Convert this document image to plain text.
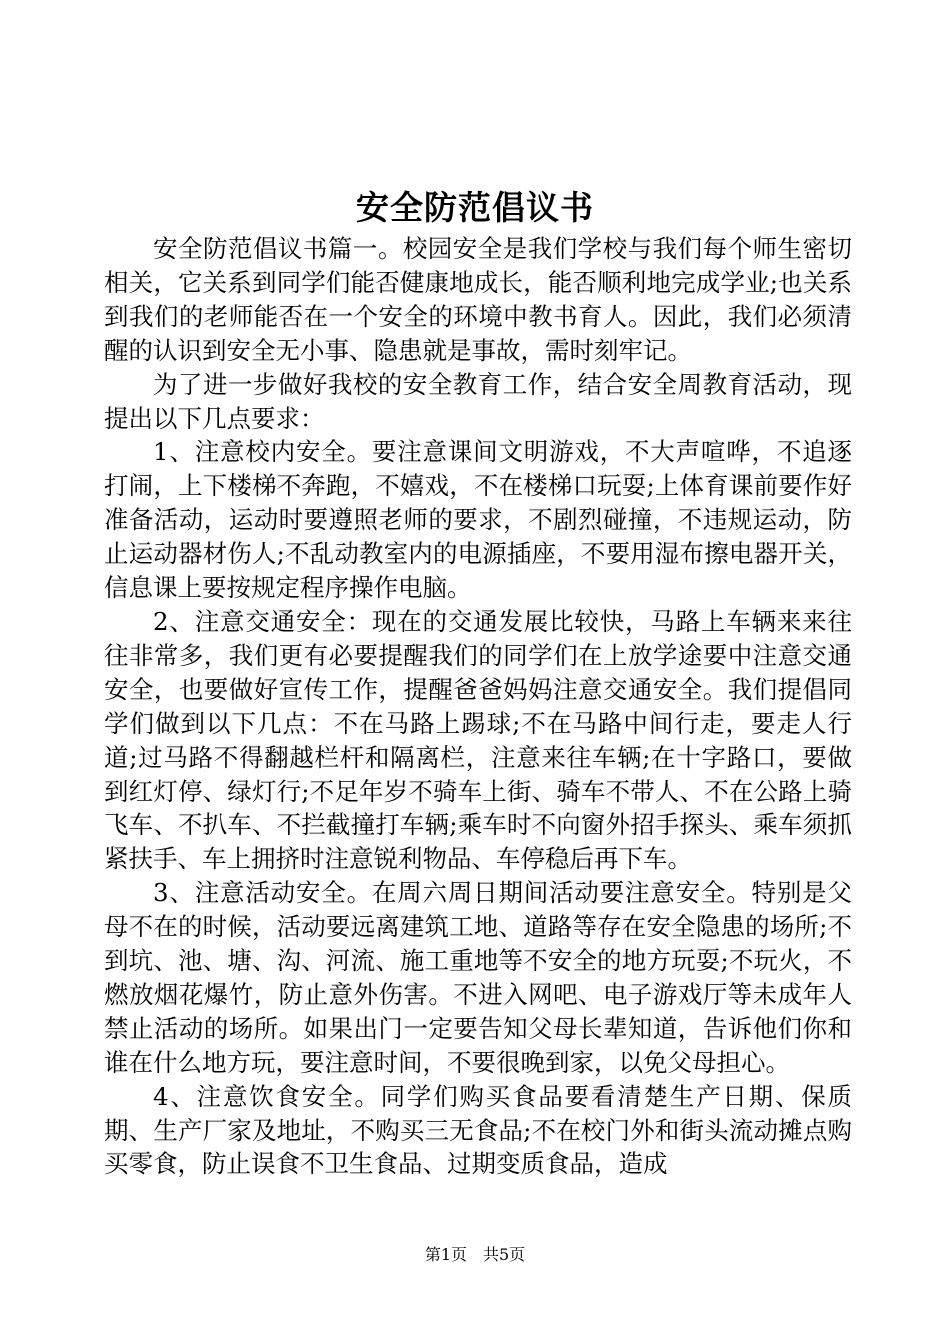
安全防范倡议书

安全防范倡议书篇一。校园安全是我们学校与我们每个师生密切相关，它关系到同学们能否健康地成长，能否顺利地完成学业;也关系到我们的老师能否在一个安全的环境中教书育人。因此，我们必须清醒的认识到安全无小事、隐患就是事故，需时刻牢记。

为了进一步做好我校的安全教育工作，结合安全周教育活动，现提出以下几点要求：

1、注意校内安全。要注意课间文明游戏，不大声喧哗，不追逐打闹，上下楼梯不奔跑，不嬉戏，不在楼梯口玩耍;上体育课前要作好准备活动，运动时要遵照老师的要求，不剧烈碰撞，不违规运动，防止运动器材伤人;不乱动教室内的电源插座，不要用湿布擦电器开关，信息课上要按规定程序操作电脑。

2、注意交通安全：现在的交通发展比较快，马路上车辆来来往往非常多，我们更有必要提醒我们的同学们在上放学途要中注意交通安全，也要做好宣传工作，提醒爸爸妈妈注意交通安全。我们提倡同学们做到以下几点：不在马路上踢球;不在马路中间行走，要走人行道;过马路不得翻越栏杆和隔离栏，注意来往车辆;在十字路口，要做到红灯停、绿灯行;不足年岁不骑车上街、骑车不带人、不在公路上骑飞车、不扒车、不拦截撞打车辆;乘车时不向窗外招手探头、乘车须抓紧扶手、车上拥挤时注意锐利物品、车停稳后再下车。

3、注意活动安全。在周六周日期间活动要注意安全。特别是父母不在的时候，活动要远离建筑工地、道路等存在安全隐患的场所;不到坑、池、塘、沟、河流、施工重地等不安全的地方玩耍;不玩火，不燃放烟花爆竹，防止意外伤害。不进入网吧、电子游戏厅等未成年人禁止活动的场所。如果出门一定要告知父母长辈知道，告诉他们你和谁在什么地方玩，要注意时间，不要很晚到家，以免父母担心。

4、注意饮食安全。同学们购买食品要看清楚生产日期、保质期、生产厂家及地址，不购买三无食品;不在校门外和街头流动摊点购买零食，防止误食不卫生食品、过期变质食品，造成

第1页 共5页
